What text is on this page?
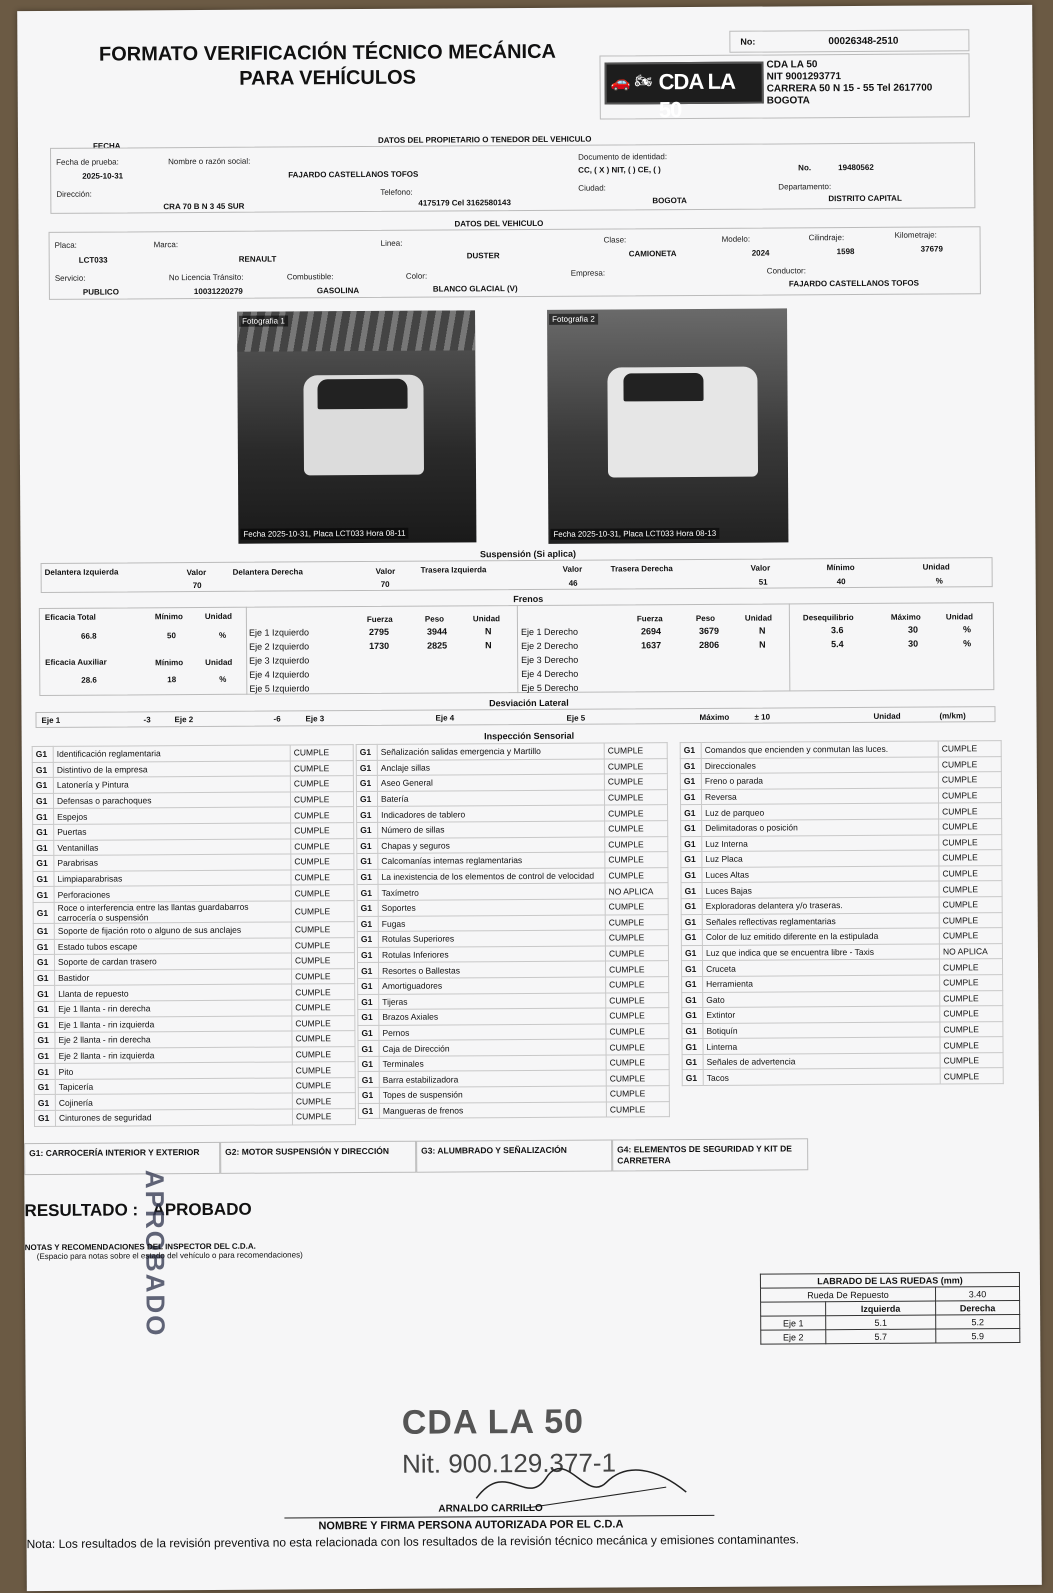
FORMATO VERIFICACIÓN TÉCNICO MECÁNICA
PARA VEHÍCULOS
No:	00026348-2510
🚗 🏍 CDA LA 50
CDA LA 50
NIT 9001293771
CARRERA 50 N 15 - 55 Tel 2617700
BOGOTA
FECHA
DATOS DEL PROPIETARIO O TENEDOR DEL VEHICULO
Fecha de prueba:
2025-10-31
Nombre o razón social:
FAJARDO CASTELLANOS TOFOS
Documento de identidad:
CC, ( X ) NIT, ( ) CE, ( )	No.	19480562
Dirección:
CRA 70 B N 3 45 SUR
Telefono:
4175179 Cel 3162580143
Ciudad:
BOGOTA
Departamento:
DISTRITO CAPITAL
DATOS DEL VEHICULO
Placa:
LCT033
Marca:
RENAULT
Linea:
DUSTER
Clase:
CAMIONETA
Modelo:
2024
Cilindraje:
1598
Kilometraje:
37679
Servicio:
PUBLICO
No Licencia Tránsito:
10031220279
Combustible:
GASOLINA
Color:
BLANCO GLACIAL (V)
Empresa:	Conductor:
FAJARDO CASTELLANOS TOFOS
Fotografia 1
Fecha 2025-10-31, Placa LCT033 Hora 08-11
Fotografia 2
Fecha 2025-10-31, Placa LCT033 Hora 08-13
Suspensión (Si aplica)
Delantera Izquierda	Valor
70
Delantera Derecha	Valor
70
Trasera Izquierda	Valor
46
Trasera Derecha	Valor
51
Mínimo
40
Unidad
%
Frenos
Eficacia Total	Mínimo	Unidad
66.8	50	%
Eficacia Auxiliar	Mínimo	Unidad
28.6	18	%
Fuerza	Peso	Unidad	Fuerza	Peso	Unidad	Desequilibrio	Máximo	Unidad
Eje 1 Izquierdo	2795	3944	N
Eje 2 Izquierdo	1730	2825	N
Eje 3 Izquierdo
Eje 4 Izquierdo
Eje 5 Izquierdo
Eje 1 Derecho	2694	3679	N	3.6	30	%
Eje 2 Derecho	1637	2806	N	5.4	30	%
Eje 3 Derecho
Eje 4 Derecho
Eje 5 Derecho
Desviación Lateral
Eje 1	-3	Eje 2	-6	Eje 3	Eje 4	Eje 5	Máximo	± 10	Unidad	(m/km)
Inspección Sensorial
G1	Identificación reglamentaria	CUMPLE
G1	Distintivo de la empresa	CUMPLE
G1	Latonería y Pintura	CUMPLE
G1	Defensas o parachoques	CUMPLE
G1	Espejos	CUMPLE
G1	Puertas	CUMPLE
G1	Ventanillas	CUMPLE
G1	Parabrisas	CUMPLE
G1	Limpiaparabrisas	CUMPLE
G1	Perforaciones	CUMPLE
G1	Roce o interferencia entre las llantas guardabarros carrocería o suspensión	CUMPLE
G1	Soporte de fijación roto o alguno de sus anclajes	CUMPLE
G1	Estado tubos escape	CUMPLE
G1	Soporte de cardan trasero	CUMPLE
G1	Bastidor	CUMPLE
G1	Llanta de repuesto	CUMPLE
G1	Eje 1 llanta - rin derecha	CUMPLE
G1	Eje 1 llanta - rin izquierda	CUMPLE
G1	Eje 2 llanta - rin derecha	CUMPLE
G1	Eje 2 llanta - rin izquierda	CUMPLE
G1	Pito	CUMPLE
G1	Tapicería	CUMPLE
G1	Cojinería	CUMPLE
G1	Cinturones de seguridad	CUMPLE
G1	Señalización salidas emergencia y Martillo	CUMPLE
G1	Anclaje sillas	CUMPLE
G1	Aseo General	CUMPLE
G1	Batería	CUMPLE
G1	Indicadores de tablero	CUMPLE
G1	Número de sillas	CUMPLE
G1	Chapas y seguros	CUMPLE
G1	Calcomanías internas reglamentarias	CUMPLE
G1	La inexistencia de los elementos de control de velocidad	CUMPLE
G1	Taxímetro	NO APLICA
G1	Soportes	CUMPLE
G1	Fugas	CUMPLE
G1	Rotulas Superiores	CUMPLE
G1	Rotulas Inferiores	CUMPLE
G1	Resortes o Ballestas	CUMPLE
G1	Amortiguadores	CUMPLE
G1	Tijeras	CUMPLE
G1	Brazos Axiales	CUMPLE
G1	Pernos	CUMPLE
G1	Caja de Dirección	CUMPLE
G1	Terminales	CUMPLE
G1	Barra estabilizadora	CUMPLE
G1	Topes de suspensión	CUMPLE
G1	Mangueras de frenos	CUMPLE
G1	Comandos que encienden y conmutan las luces.	CUMPLE
G1	Direccionales	CUMPLE
G1	Freno o parada	CUMPLE
G1	Reversa	CUMPLE
G1	Luz de parqueo	CUMPLE
G1	Delimitadoras o posición	CUMPLE
G1	Luz Interna	CUMPLE
G1	Luz Placa	CUMPLE
G1	Luces Altas	CUMPLE
G1	Luces Bajas	CUMPLE
G1	Exploradoras delantera y/o traseras.	CUMPLE
G1	Señales reflectivas reglamentarias	CUMPLE
G1	Color de luz emitido diferente en la estipulada	CUMPLE
G1	Luz que indica que se encuentra libre - Taxis	NO APLICA
G1	Cruceta	CUMPLE
G1	Herramienta	CUMPLE
G1	Gato	CUMPLE
G1	Extintor	CUMPLE
G1	Botiquín	CUMPLE
G1	Linterna	CUMPLE
G1	Señales de advertencia	CUMPLE
G1	Tacos	CUMPLE
G1: CARROCERÍA INTERIOR Y EXTERIOR	G2: MOTOR SUSPENSIÓN Y DIRECCIÓN	G3: ALUMBRADO Y SEÑALIZACIÓN	G4: ELEMENTOS DE SEGURIDAD Y KIT DE CARRETERA
RESULTADO : APROBADO
APROBADO
NOTAS Y RECOMENDACIONES DEL INSPECTOR DEL C.D.A.
(Espacio para notas sobre el estado del vehículo o para recomendaciones)
LABRADO DE LAS RUEDAS (mm)		
Rueda De Repuesto		3.40
	Izquierda	Derecha
Eje 1	5.1	5.2
Eje 2	5.7	5.9
CDA LA 50
Nit. 900.129.377-1
ARNALDO CARRILLO
NOMBRE Y FIRMA PERSONA AUTORIZADA POR EL C.D.A
Nota: Los resultados de la revisión preventiva no esta relacionada con los resultados de la revisión técnico mecánica y emisiones contaminantes.
